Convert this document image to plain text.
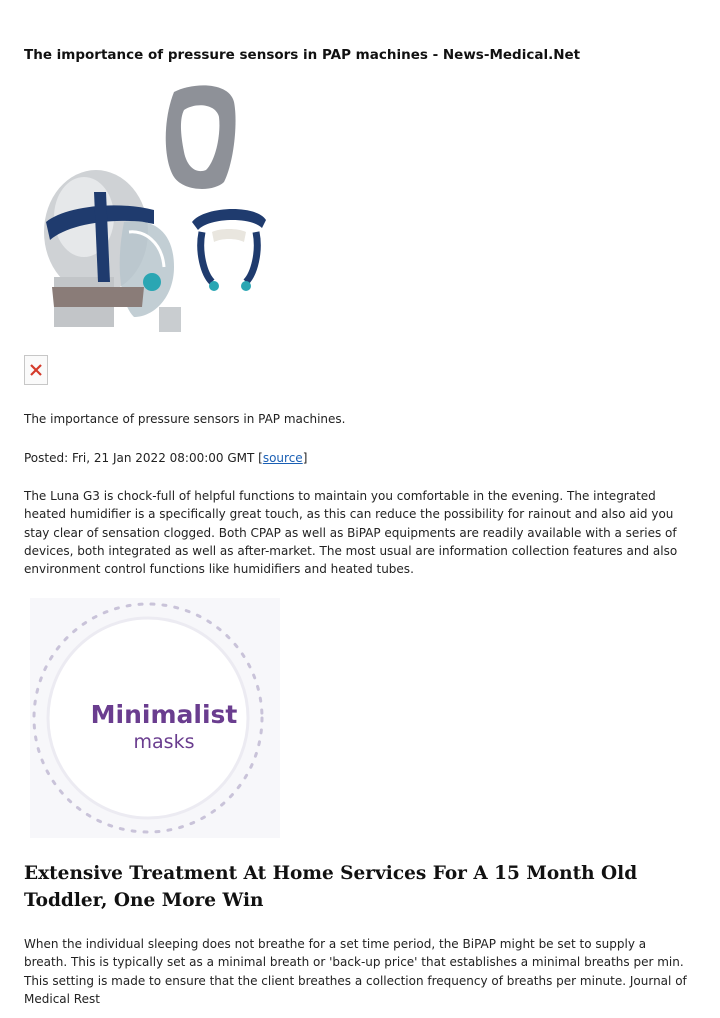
The importance of pressure sensors in PAP machines - News-Medical.Net

The importance of pressure sensors in PAP machines.

Posted: Fri, 21 Jan 2022 08:00:00 GMT [source]

The Luna G3 is chock-full of helpful functions to maintain you comfortable in the evening. The integrated heated humidifier is a specifically great touch, as this can reduce the possibility for rainout and also aid you stay clear of sensation clogged. Both CPAP as well as BiPAP equipments are readily available with a series of devices, both integrated as well as after-market. The most usual are information collection features and also environment control functions like humidifiers and heated tubes.

Minimalist
masks
Extensive Treatment At Home Services For A 15 Month Old Toddler, One More Win

When the individual sleeping does not breathe for a set time period, the BiPAP might be set to supply a breath. This is typically set as a minimal breath or 'back-up price' that establishes a minimal breaths per min. This setting is made to ensure that the client breathes a collection frequency of breaths per minute. Journal of Medical Rest
